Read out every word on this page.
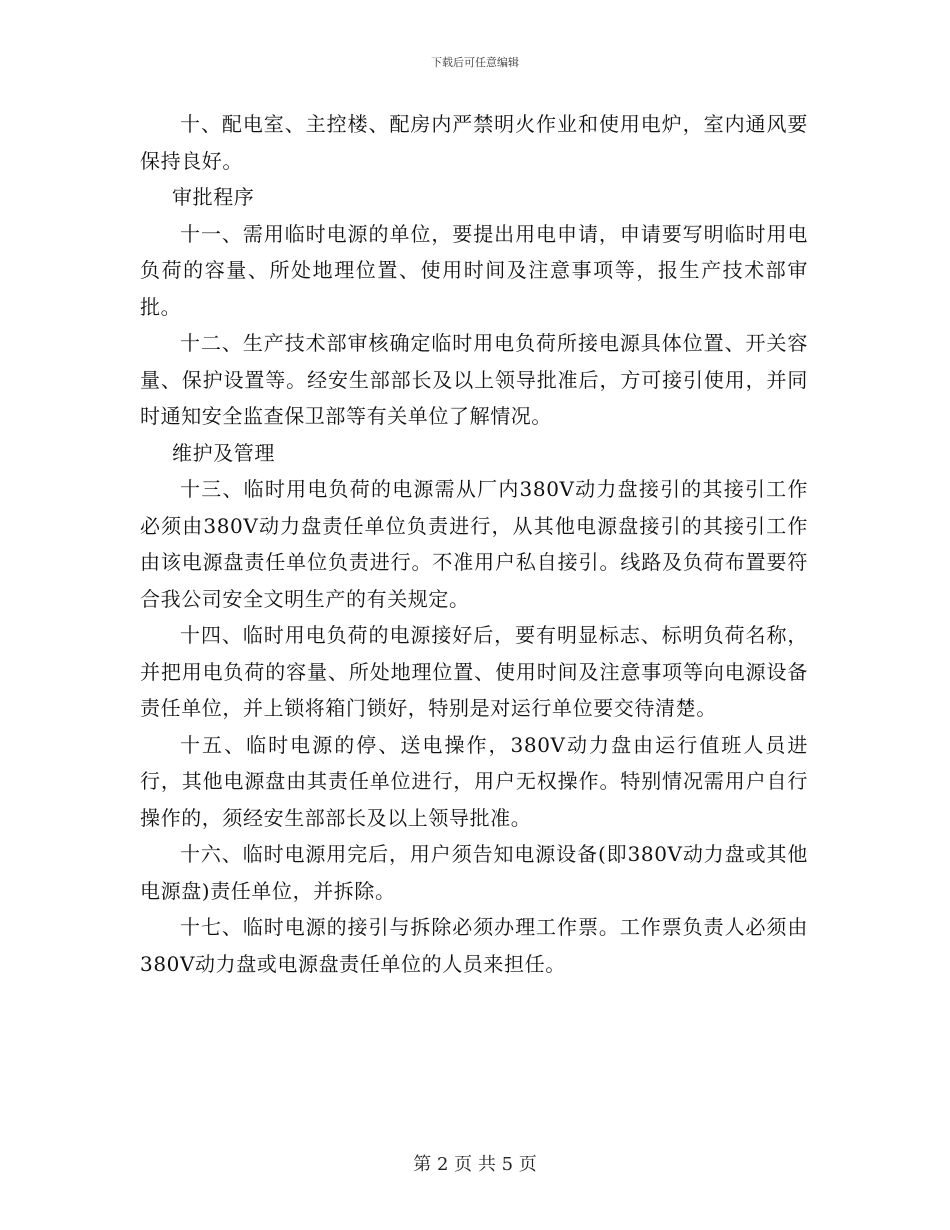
下载后可任意编辑

十、配电室、主控楼、配房内严禁明火作业和使用电炉，室内通风要保持良好。

审批程序

十一、需用临时电源的单位，要提出用电申请，申请要写明临时用电负荷的容量、所处地理位置、使用时间及注意事项等，报生产技术部审批。

十二、生产技术部审核确定临时用电负荷所接电源具体位置、开关容量、保护设置等。经安生部部长及以上领导批准后，方可接引使用，并同时通知安全监查保卫部等有关单位了解情况。

维护及管理

十三、临时用电负荷的电源需从厂内380V动力盘接引的其接引工作必须由380V动力盘责任单位负责进行，从其他电源盘接引的其接引工作由该电源盘责任单位负责进行。不准用户私自接引。线路及负荷布置要符合我公司安全文明生产的有关规定。

十四、临时用电负荷的电源接好后，要有明显标志、标明负荷名称，并把用电负荷的容量、所处地理位置、使用时间及注意事项等向电源设备责任单位，并上锁将箱门锁好，特别是对运行单位要交待清楚。

十五、临时电源的停、送电操作，380V动力盘由运行值班人员进行，其他电源盘由其责任单位进行，用户无权操作。特别情况需用户自行操作的，须经安生部部长及以上领导批准。

十六、临时电源用完后，用户须告知电源设备(即380V动力盘或其他电源盘)责任单位，并拆除。

十七、临时电源的接引与拆除必须办理工作票。工作票负责人必须由380V动力盘或电源盘责任单位的人员来担任。

第 2 页 共 5 页
